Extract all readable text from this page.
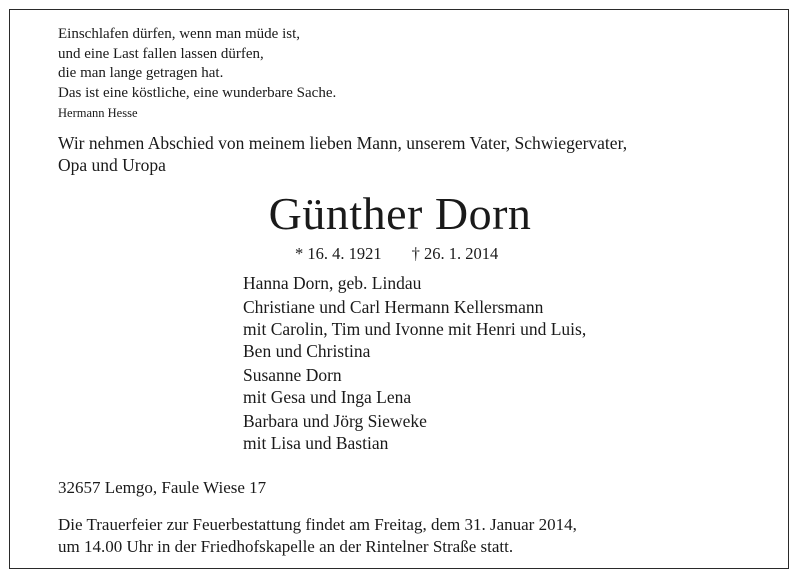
Einschlafen dürfen, wenn man müde ist,
und eine Last fallen lassen dürfen,
die man lange getragen hat.
Das ist eine köstliche, eine wunderbare Sache.
Hermann Hesse
Wir nehmen Abschied von meinem lieben Mann, unserem Vater, Schwiegervater,
Opa und Uropa
Günther Dorn
* 16. 4. 1921 † 26. 1. 2014
Hanna Dorn, geb. Lindau
Christiane und Carl Hermann Kellersmann
mit Carolin, Tim und Ivonne mit Henri und Luis,
Ben und Christina
Susanne Dorn
mit Gesa und Inga Lena
Barbara und Jörg Sieweke
mit Lisa und Bastian
32657 Lemgo, Faule Wiese 17
Die Trauerfeier zur Feuerbestattung findet am Freitag, dem 31. Januar 2014,
um 14.00 Uhr in der Friedhofskapelle an der Rintelner Straße statt.
